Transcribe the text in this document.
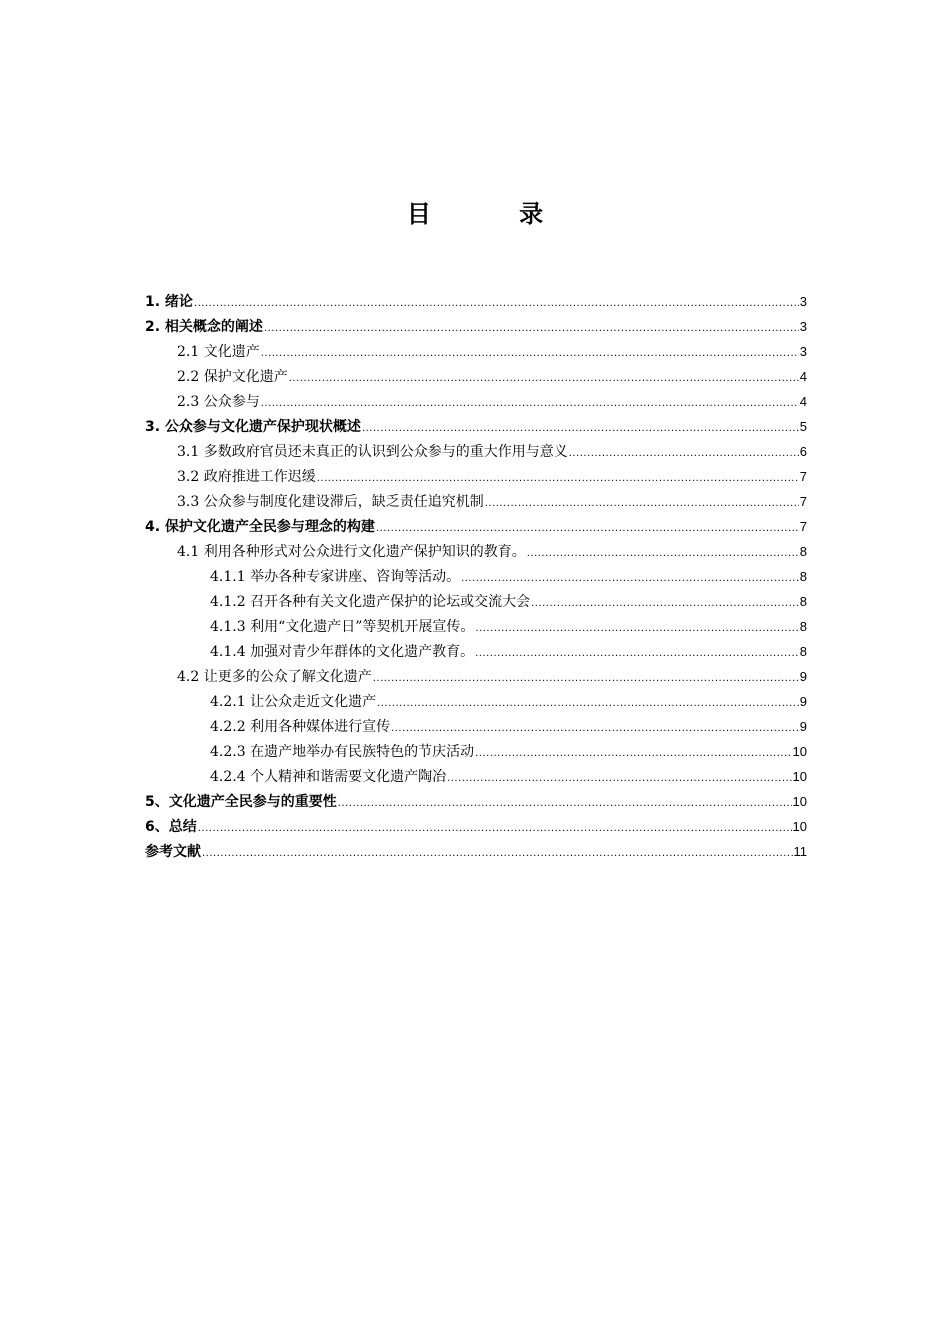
目 录
1. 绪论 .....	3
2. 相关概念的阐述 .....	3
2.1 文化遗产 .....	3
2.2 保护文化遗产 .....	4
2.3 公众参与 .....	4
3. 公众参与文化遗产保护现状概述 .....	5
3.1 多数政府官员还未真正的认识到公众参与的重大作用与意义 .....	6
3.2 政府推进工作迟缓 .....	7
3.3 公众参与制度化建设滞后，缺乏责任追究机制 .....	7
4. 保护文化遗产全民参与理念的构建 .....	7
4.1 利用各种形式对公众进行文化遗产保护知识的教育。 .....	8
4.1.1 举办各种专家讲座、咨询等活动。 .....	8
4.1.2 召开各种有关文化遗产保护的论坛或交流大会 .....	8
4.1.3 利用“文化遗产日”等契机开展宣传。 .....	8
4.1.4 加强对青少年群体的文化遗产教育。 .....	8
4.2 让更多的公众了解文化遗产 .....	9
4.2.1 让公众走近文化遗产 .....	9
4.2.2 利用各种媒体进行宣传 .....	9
4.2.3 在遗产地举办有民族特色的节庆活动 .....	10
4.2.4 个人精神和谐需要文化遗产陶冶 .....	10
5、文化遗产全民参与的重要性 .....	10
6、总结 .....	10
参考文献 .....	11
